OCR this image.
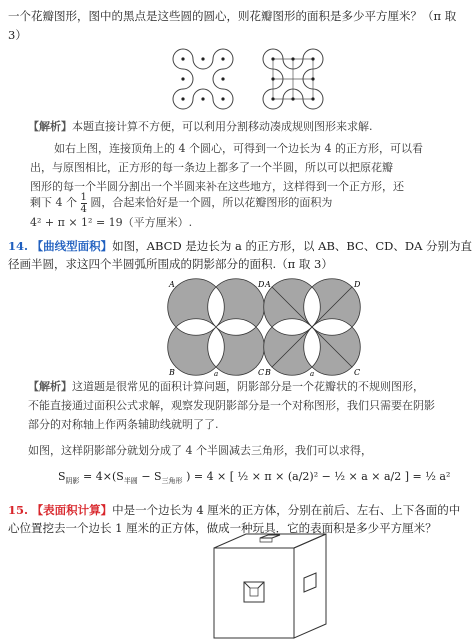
一个花瓣图形，图中的黑点是这些圆的圆心，则花瓣图形的面积是多少平方厘米？（π 取
3）
【解析】本题直接计算不方便，可以利用分割移动凑成规则图形来求解.
如右上图，连接顶角上的 4 个圆心，可得到一个边长为 4 的正方形，可以看
出，与原图相比，正方形的每一条边上都多了一个半圆，所以可以把原花瓣
图形的每一个半圆分割出一个半圆来补在这些地方，这样得到一个正方形，还
剩下 4 个 $\frac{1}{4}$ 圆，合起来恰好是一个圆，所以花瓣图形的面积为
4² + π × 1² = 19（平方厘米）.
14. 【曲线型面积】如图，ABCD 是边长为 a 的正方形，以 AB、BC、CD、DA 分别为直
径画半圆，求这四个半圆弧所围成的阴影部分的面积.（π 取 3）
A	D
B	C
a
A	D
B	C
a
【解析】这道题是很常见的面积计算问题，阴影部分是一个花瓣状的不规则图形，
不能直接通过面积公式求解，观察发现阴影部分是一个对称图形，我们只需要在阴影
部分的对称轴上作两条辅助线就明了了.
如图，这样阴影部分就划分成了 4 个半圆减去三角形，我们可以求得，
$S_{阴影} = 4\times(S_{半圆} - S_{三角形}$ ) = 4 × [ ½ × π × (a/2)² − ½ × a × a/2 ] = ½ a²
15. 【表面积计算】中是一个边长为 4 厘米的正方体，分别在前后、左右、上下各面的中
心位置挖去一个边长 1 厘米的正方体，做成一种玩具．它的表面积是多少平方厘米？
头条 @数学频道
